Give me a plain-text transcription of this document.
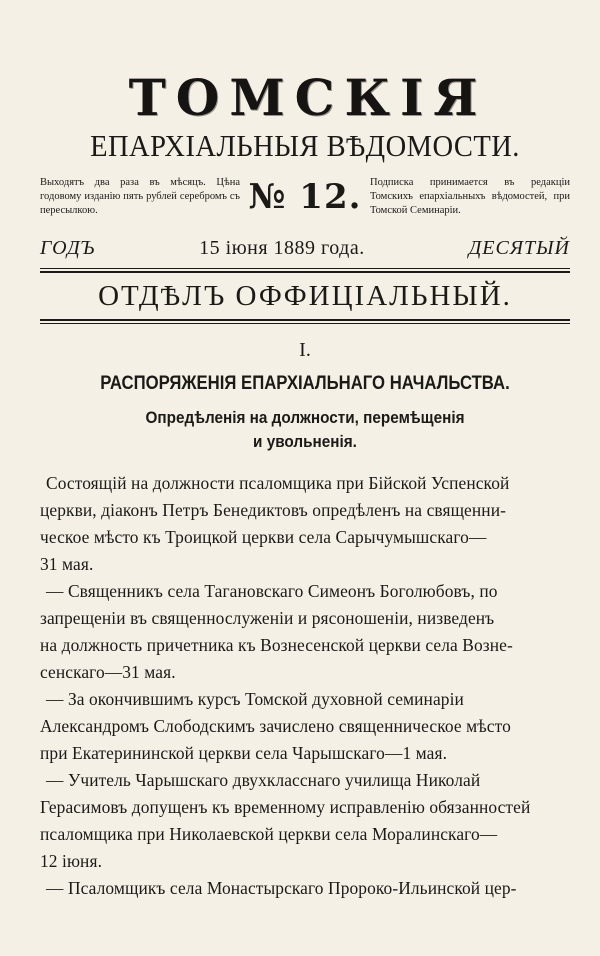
ТОМСКІЯ
ЕПАРХІАЛЬНЫЯ ВѢДОМОСТИ.
Выходятъ два раза въ мѣсяцъ. Цѣна годовому изданію пять рублей серебромъ съ пересылкою.	№ 12. Подписка принимается въ редакціи Томскихъ епархіальныхъ вѣдомостей, при Томской Семинаріи.
ГОДЪ	15 іюня 1889 года.	ДЕСЯТЫЙ
ОТДѢЛЪ ОФФИЦІАЛЬНЫЙ.
I.
РАСПОРЯЖЕНІЯ ЕПАРХІАЛЬНАГО НАЧАЛЬСТВА.
Опредѣленія на должности, перемѣщенія
и увольненія.
Состоящій на должности псаломщика при Бійской Успенской
церкви, діаконъ Петръ Бенедиктовъ опредѣленъ на священни-
ческое мѣсто къ Троицкой церкви села Сарычумышскаго—
31 мая.
— Священникъ села Тагановскаго Симеонъ Боголюбовъ, по
запрещеніи въ священнослуженіи и рясоношеніи, низведенъ
на должность причетника къ Вознесенской церкви села Возне-
сенскаго—31 мая.
— За окончившимъ курсъ Томской духовной семинаріи
Александромъ Слободскимъ зачислено священническое мѣсто
при Екатерининской церкви села Чарышскаго—1 мая.
— Учитель Чарышскаго двухкласснаго училища Николай
Герасимовъ допущенъ къ временному исправленію обязанностей
псаломщика при Николаевской церкви села Моралинскаго—
12 іюня.
— Псаломщикъ села Монастырскаго Пророко-Ильинской цер-
